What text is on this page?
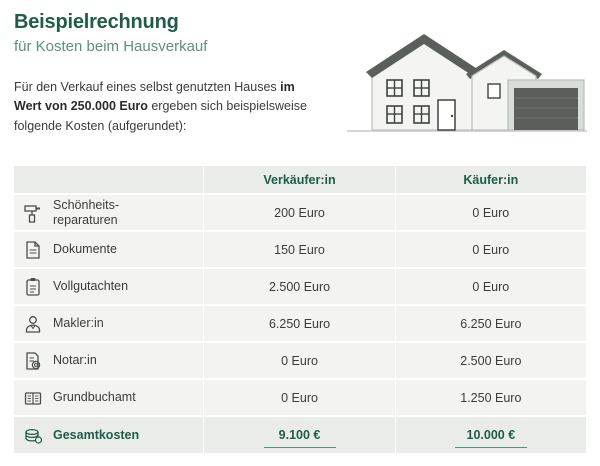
Beispielrechnung
für Kosten beim Hausverkauf
Für den Verkauf eines selbst genutzten Hauses im Wert von 250.000 Euro ergeben sich beispielsweise folgende Kosten (aufgerundet):
Verkäufer:in	Käufer:in
Schönheits-
reparaturen	200 Euro	0 Euro
Dokumente	150 Euro	0 Euro
Vollgutachten	2.500 Euro	0 Euro
Makler:in	6.250 Euro	6.250 Euro
Notar:in	0 Euro	2.500 Euro
Grundbuchamt	0 Euro	1.250 Euro
Gesamtkosten	9.100 €	10.000 €
